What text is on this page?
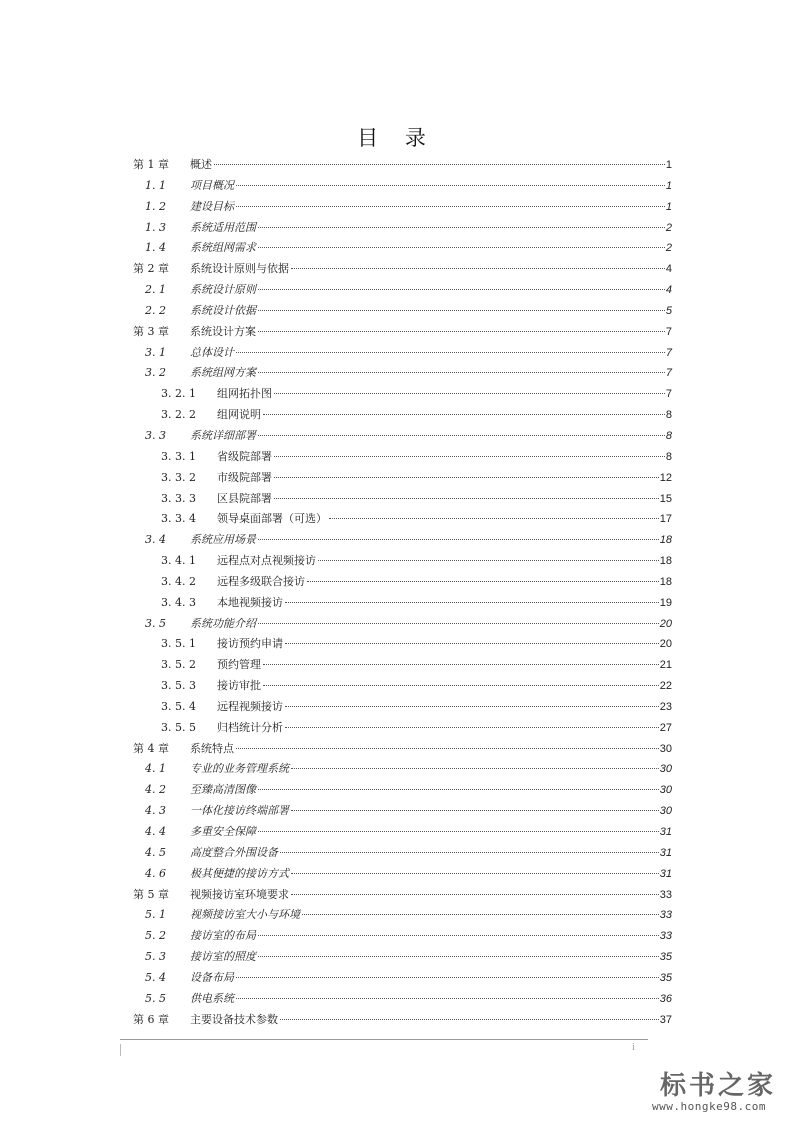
目 录
第 1 章	概述	1
1. 1	项目概况	1
1. 2	建设目标	1
1. 3	系统适用范围	2
1. 4	系统组网需求	2
第 2 章	系统设计原则与依据	4
2. 1	系统设计原则	4
2. 2	系统设计依据	5
第 3 章	系统设计方案	7
3. 1	总体设计	7
3. 2	系统组网方案	7
3. 2. 1	组网拓扑图	7
3. 2. 2	组网说明	8
3. 3	系统详细部署	8
3. 3. 1	省级院部署	8
3. 3. 2	市级院部署	12
3. 3. 3	区县院部署	15
3. 3. 4	领导桌面部署（可选）	17
3. 4	系统应用场景	18
3. 4. 1	远程点对点视频接访	18
3. 4. 2	远程多级联合接访	18
3. 4. 3	本地视频接访	19
3. 5	系统功能介绍	20
3. 5. 1	接访预约申请	20
3. 5. 2	预约管理	21
3. 5. 3	接访审批	22
3. 5. 4	远程视频接访	23
3. 5. 5	归档统计分析	27
第 4 章	系统特点	30
4. 1	专业的业务管理系统	30
4. 2	至臻高清图像	30
4. 3	一体化接访终端部署	30
4. 4	多重安全保障	31
4. 5	高度整合外围设备	31
4. 6	极其便捷的接访方式	31
第 5 章	视频接访室环境要求	33
5. 1	视频接访室大小与环境	33
5. 2	接访室的布局	33
5. 3	接访室的照度	35
5. 4	设备布局	35
5. 5	供电系统	36
第 6 章	主要设备技术参数	37
i
标书之家
www.hongke98.com
